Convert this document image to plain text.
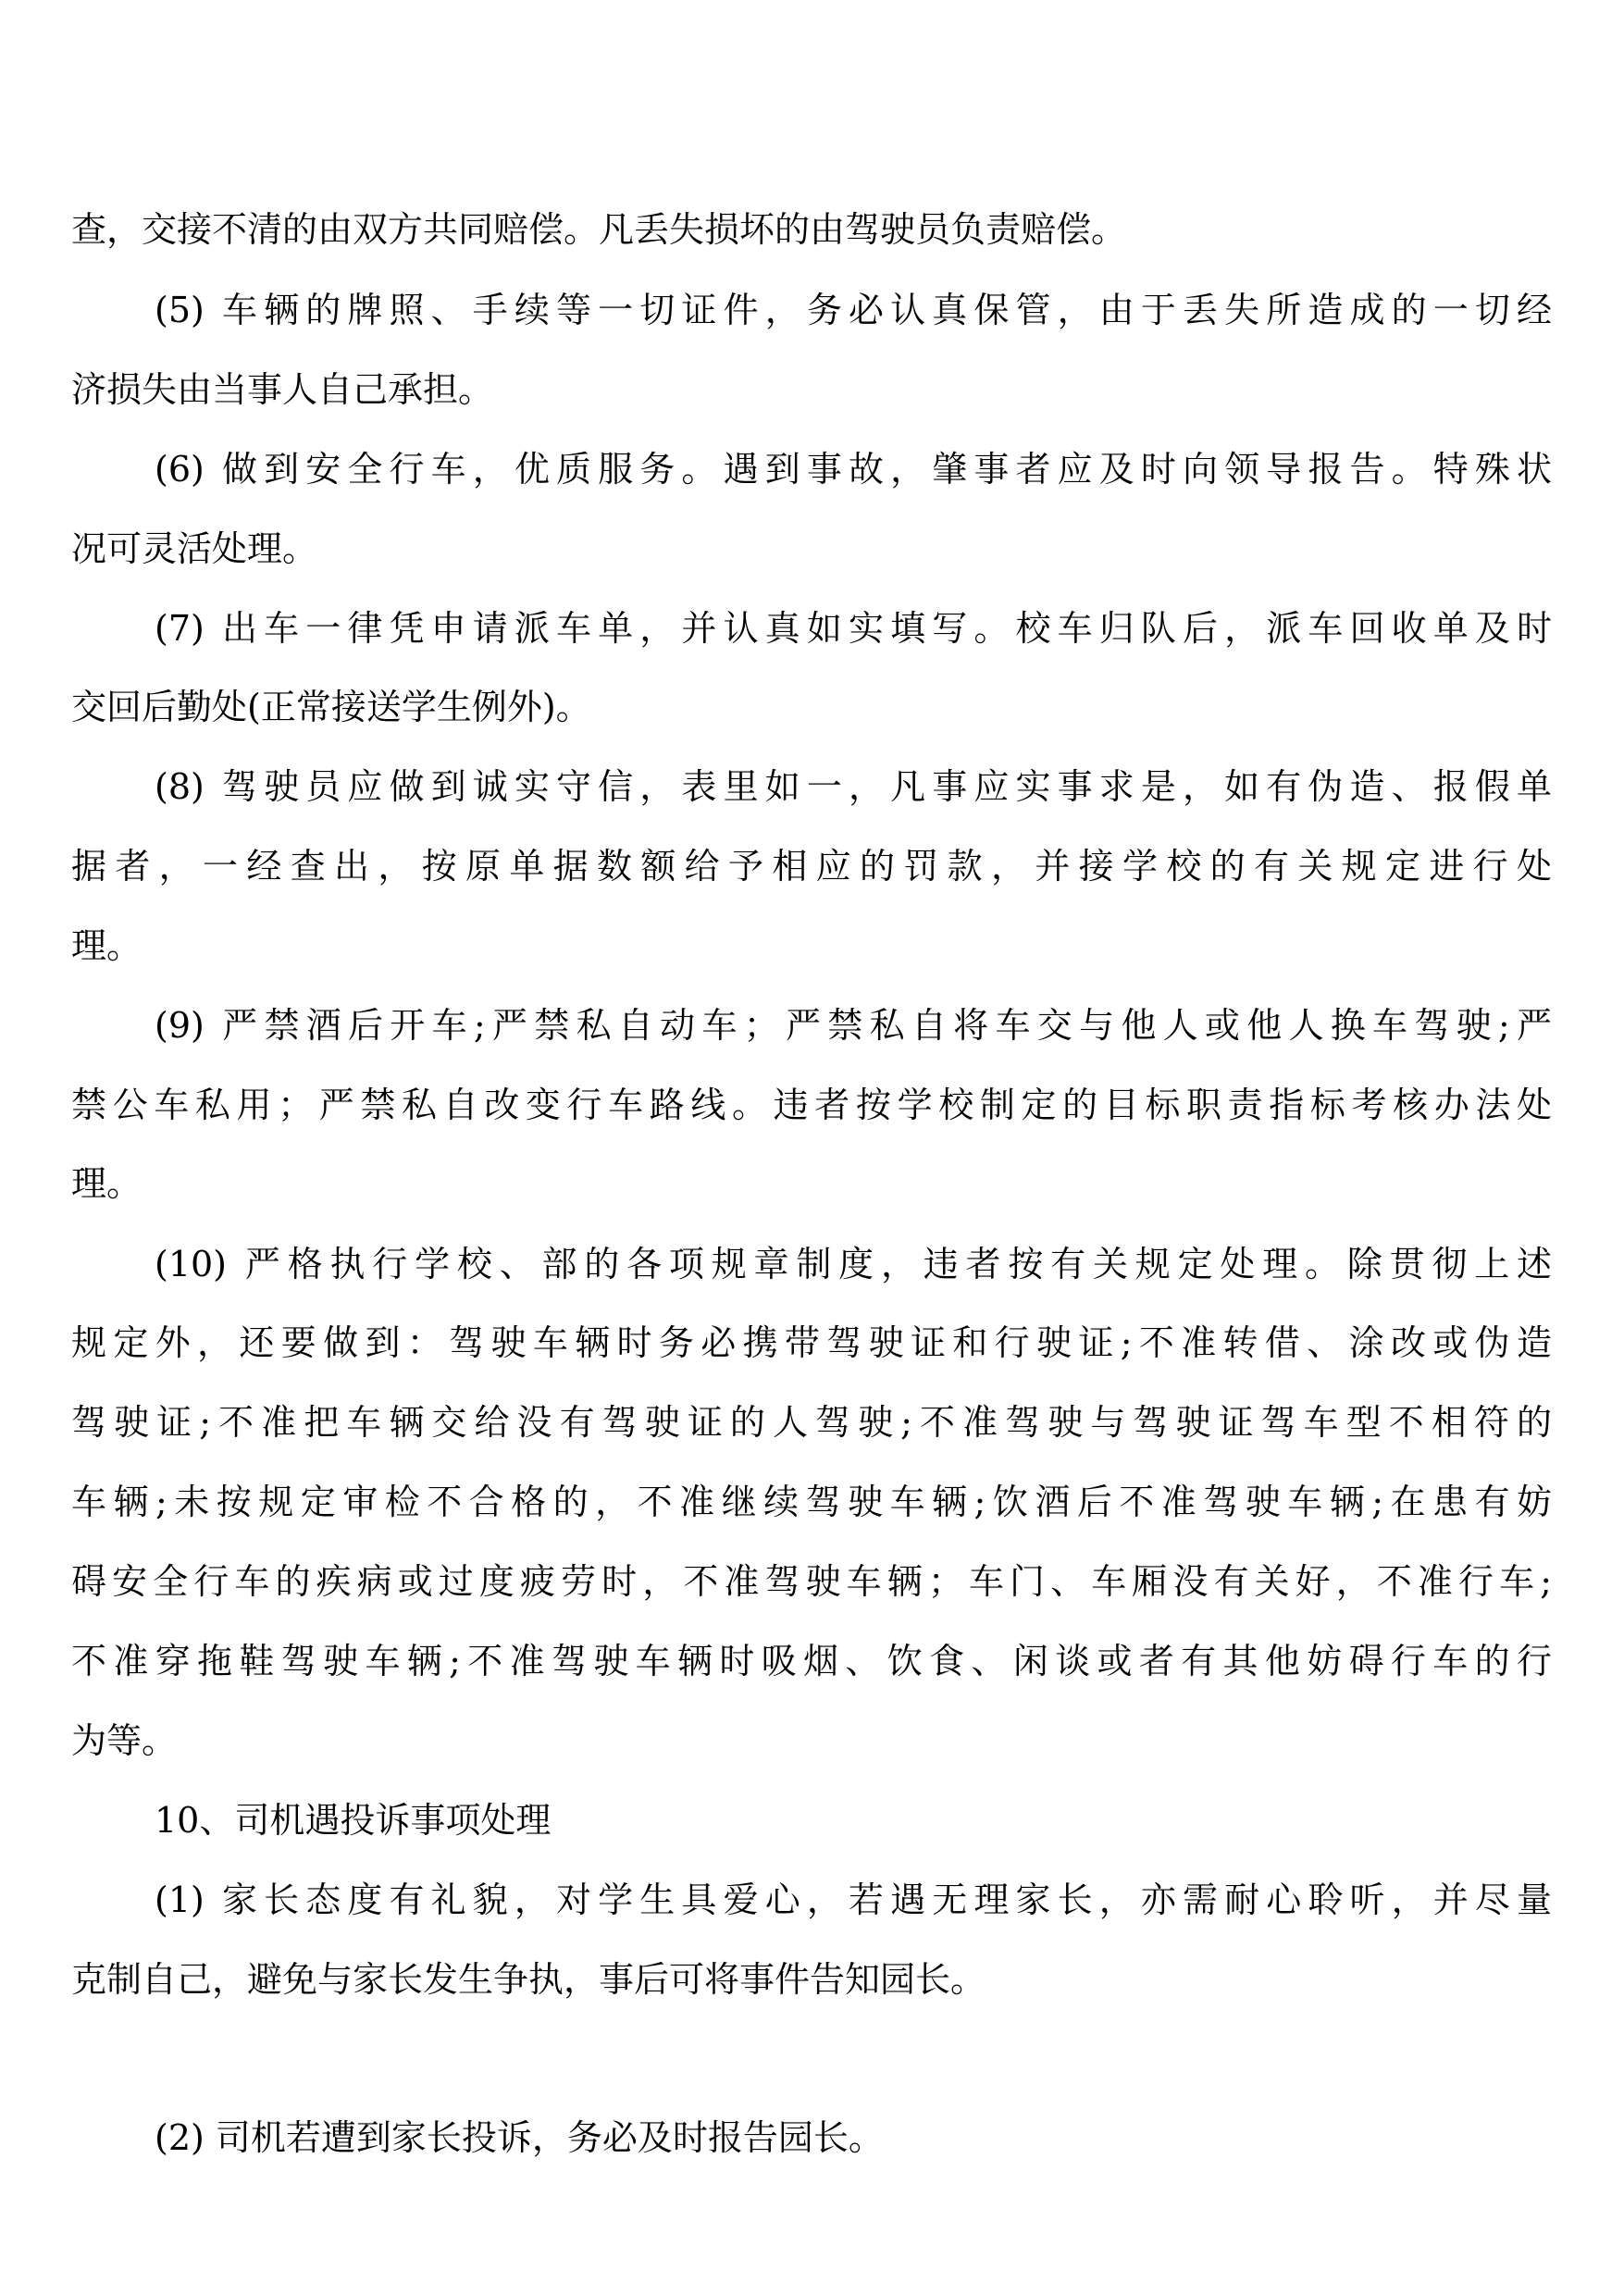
查，交接不清的由双方共同赔偿。凡丢失损坏的由驾驶员负责赔偿。
(5) 车辆的牌照、手续等一切证件，务必认真保管，由于丢失所造成的一切经
济损失由当事人自己承担。
(6) 做到安全行车，优质服务。遇到事故，肇事者应及时向领导报告。特殊状
况可灵活处理。
(7) 出车一律凭申请派车单，并认真如实填写。校车归队后，派车回收单及时
交回后勤处(正常接送学生例外)。
(8) 驾驶员应做到诚实守信，表里如一，凡事应实事求是，如有伪造、报假单
据者，一经查出，按原单据数额给予相应的罚款，并接学校的有关规定进行处
理。
(9) 严禁酒后开车;严禁私自动车；严禁私自将车交与他人或他人换车驾驶;严
禁公车私用；严禁私自改变行车路线。违者按学校制定的目标职责指标考核办法处
理。
(10) 严格执行学校、部的各项规章制度，违者按有关规定处理。除贯彻上述
规定外，还要做到：驾驶车辆时务必携带驾驶证和行驶证;不准转借、涂改或伪造
驾驶证;不准把车辆交给没有驾驶证的人驾驶;不准驾驶与驾驶证驾车型不相符的
车辆;未按规定审检不合格的，不准继续驾驶车辆;饮酒后不准驾驶车辆;在患有妨
碍安全行车的疾病或过度疲劳时，不准驾驶车辆；车门、车厢没有关好，不准行车;
不准穿拖鞋驾驶车辆;不准驾驶车辆时吸烟、饮食、闲谈或者有其他妨碍行车的行
为等。
10、司机遇投诉事项处理
(1) 家长态度有礼貌，对学生具爱心，若遇无理家长，亦需耐心聆听，并尽量
克制自己，避免与家长发生争执，事后可将事件告知园长。
(2) 司机若遭到家长投诉，务必及时报告园长。
